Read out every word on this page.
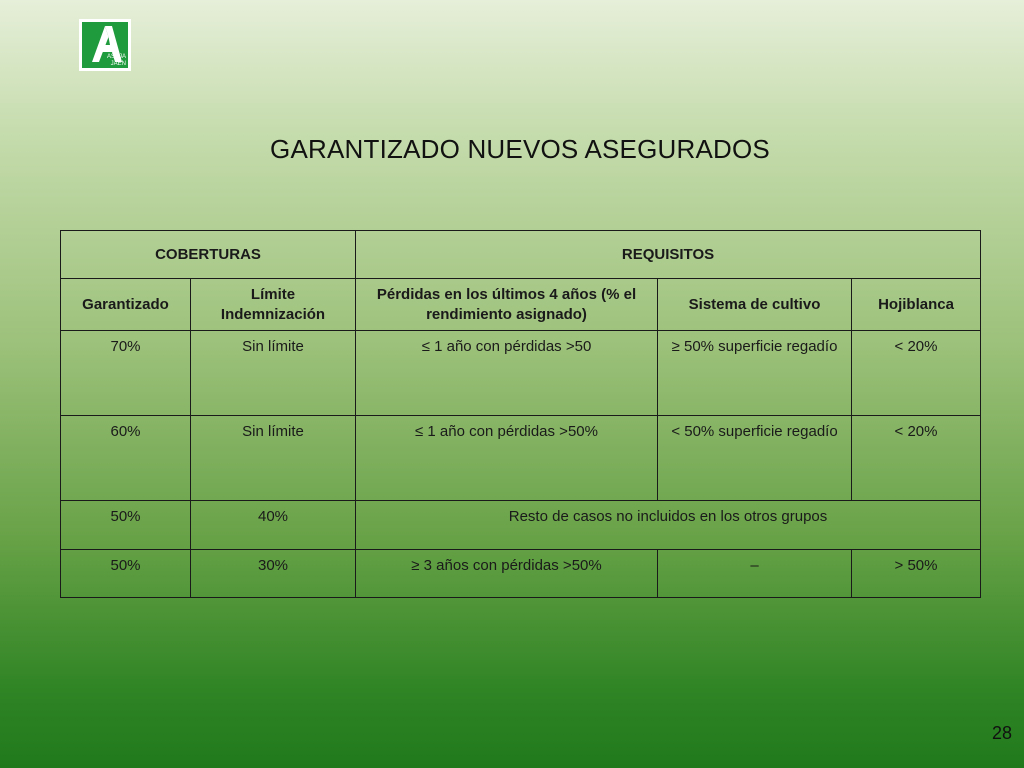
ASAJA
JAÉN
GARANTIZADO NUEVOS ASEGURADOS
COBERTURAS		REQUISITOS		
Garantizado	Límite Indemnización	Pérdidas en los últimos 4 años (% el rendimiento asignado)	Sistema de cultivo	Hojiblanca
70%	Sin límite	≤ 1 año con pérdidas >50	≥ 50% superficie regadío	< 20%
60%	Sin límite	≤ 1 año con pérdidas >50%	< 50% superficie regadío	< 20%
50%	40%	Resto de casos no incluidos en los otros grupos		
50%	30%	≥ 3 años con pérdidas >50%	–	> 50%
28
